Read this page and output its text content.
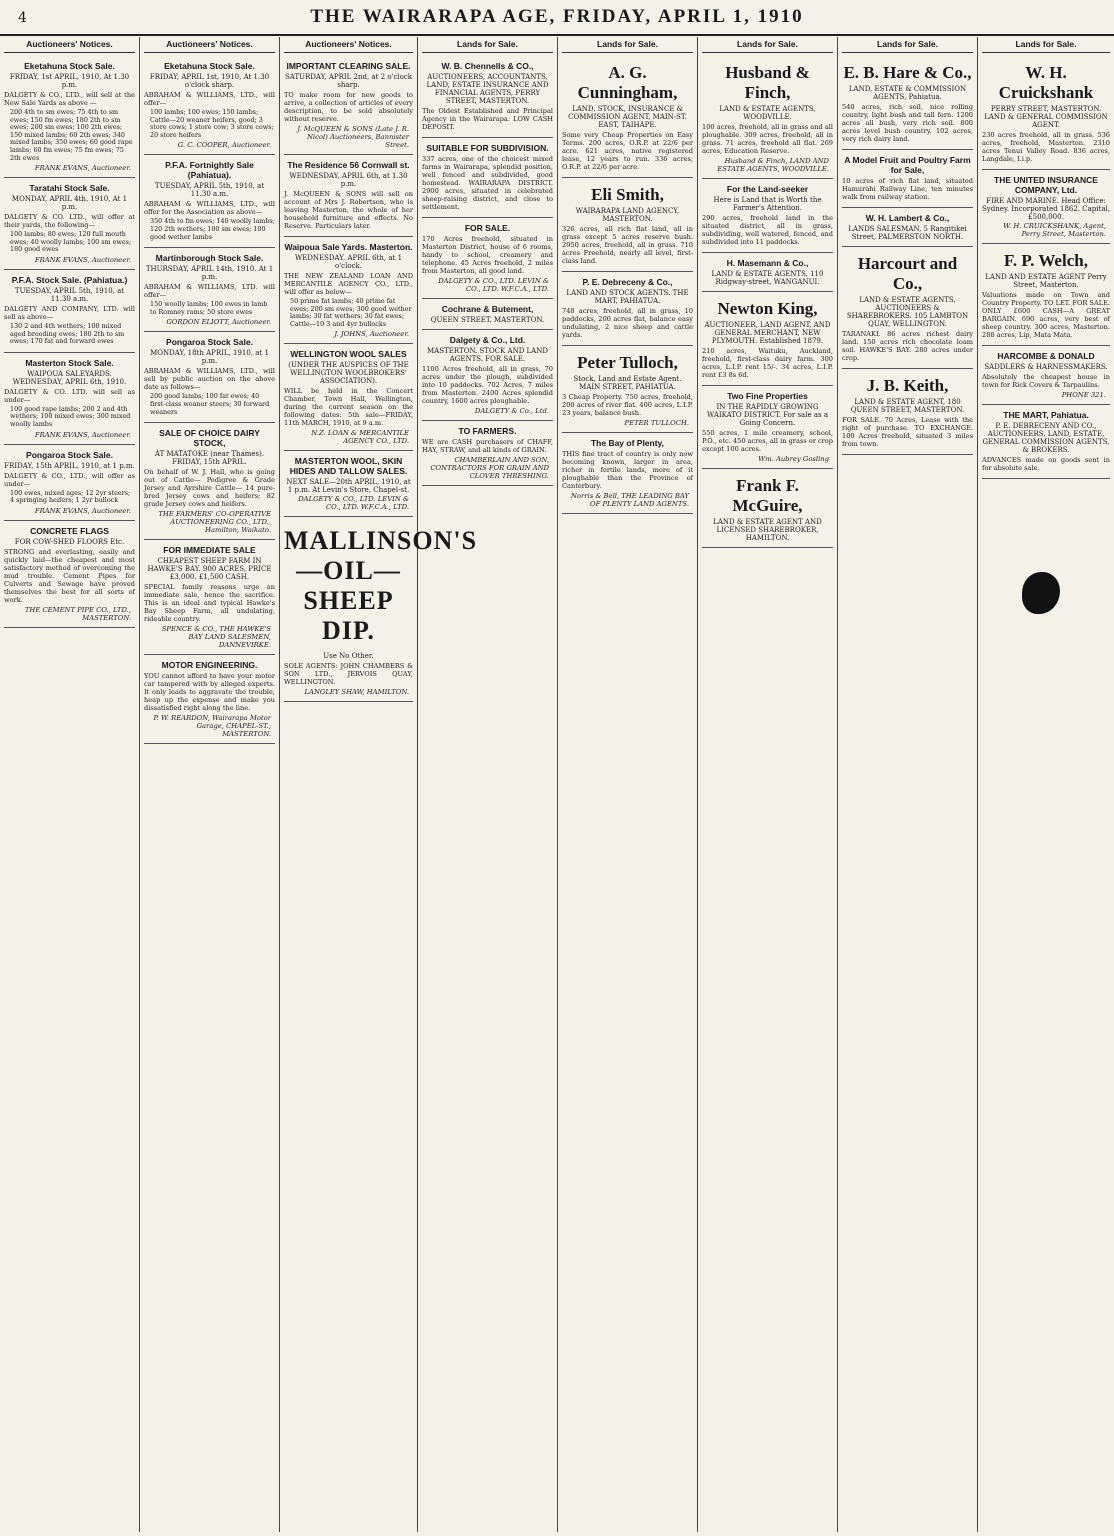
4	THE WAIRARAPA AGE, FRIDAY, APRIL 1, 1910
Auctioneers' Notices.
Eketahuna Stock Sale.
FRIDAY, 1st APRIL, 1910, At 1.30 p.m.
DALGETY & CO., LTD., will sell at the New Sale Yards as above —
200 4th to sm ewes; 75 4th to sm ewes; 150 fm ewes; 180 2th to sm ewes; 200 sm ewes; 100 2th ewes; 150 mixed lambs; 60 2th ewes; 340 mixed lambs; 350 ewes; 60 good rape lambs; 60 fm ewes; 75 fm ewes; 75 2th ewes
FRANK EVANS, Auctioneer.
Taratahi Stock Sale.
MONDAY, APRIL 4th, 1910, At 1 p.m.
DALGETY & CO. LTD., will offer at their yards, the following—
100 lambs; 80 ewes; 120 full mouth ewes; 40 woolly lambs; 100 sm ewes; 180 good ewes
FRANK EVANS, Auctioneer.
P.F.A. Stock Sale. (Pahiatua.)
TUESDAY, APRIL 5th, 1910, at 11.30 a.m.
DALGETY AND COMPANY, LTD. will sell as above—
130 2 and 4th wethers; 100 mixed aged breeding ewes; 180 2th to sm ewes; 170 fat and forward ewes
Masterton Stock Sale.
WAIPOUA SALEYARDS. WEDNESDAY, APRIL 6th, 1910.
DALGETY & CO. LTD. will sell as under—
100 good rape lambs; 200 2 and 4th wethers; 100 mixed ewes; 300 mixed woolly lambs
FRANK EVANS, Auctioneer.
Pongaroa Stock Sale.
FRIDAY, 15th APRIL, 1910, at 1 p.m.
DALGETY & CO., LTD., will offer as under—
100 ewes, mixed ages; 12 2yr steers; 4 springing heifers; 1 2yr bullock
FRANK EVANS, Auctioneer.
CONCRETE FLAGS
FOR COW-SHED FLOORS Etc.
STRONG and everlasting, easily and quickly laid—the cheapest and most satisfactory method of overcoming the mud trouble. Cement Pipes for Culverts and Sewage have proved themselves the best for all sorts of work.
THE CEMENT PIPE CO., LTD., MASTERTON.
Auctioneers' Notices.
Eketahuna Stock Sale.
FRIDAY, APRIL 1st, 1910, At 1.30 o'clock sharp.
ABRAHAM & WILLIAMS, LTD., will offer—
100 lambs; 100 ewes; 150 lambs; Cattle—20 weaner heifers, good; 3 store cows; 1 store cow; 3 store cows; 20 store heifers
G. C. COOPER, Auctioneer.
P.F.A. Fortnightly Sale (Pahiatua).
TUESDAY, APRIL 5th, 1910, at 11.30 a.m.
ABRAHAM & WILLIAMS, LTD., will offer for the Association as above—
350 4th to fm ewes; 140 woolly lambs; 120 2th wethers; 100 sm ewes; 100 good wether lambs
Martinborough Stock Sale.
THURSDAY, APRIL 14th, 1910. At 1 p.m.
ABRAHAM & WILLIAMS, LTD. will offer—
150 woolly lambs; 100 ewes in lamb to Romney rams; 50 store ewes
GORDON ELIOTT, Auctioneer.
Pongaroa Stock Sale.
MONDAY, 18th APRIL, 1910, at 1 p.m.
ABRAHAM & WILLIAMS, LTD., will sell by public auction on the above date as follows—
200 good lambs; 100 fat ewes; 40 first-class weaner steers; 30 forward weaners
SALE OF CHOICE DAIRY STOCK,
AT MATATOKE (near Thames). FRIDAY, 15th APRIL.
On behalf of W. J. Hall, who is going out of Cattle— Pedigree & Grade Jersey and Ayrshire Cattle— 14 pure-bred Jersey cows and heifers; 82 grade Jersey cows and heifers.
THE FARMERS' CO-OPERATIVE AUCTIONEERING CO., LTD., Hamilton, Waikato.
FOR IMMEDIATE SALE
CHEAPEST SHEEP FARM IN HAWKE'S BAY. 900 ACRES, PRICE £3,000, £1,500 CASH.
SPECIAL family reasons urge an immediate sale, hence the sacrifice. This is an ideal and typical Hawke's Bay Sheep Farm, all undulating, rideable country.
SPENCE & CO., THE HAWKE'S BAY LAND SALESMEN, DANNEVIRKE.
MOTOR ENGINEERING.
YOU cannot afford to have your motor car tampered with by alleged experts. It only leads to aggravate the trouble, heap up the expense and make you dissatisfied right along the line.
P. W. REARDON, Wairarapa Motor Garage, CHAPEL-ST., MASTERTON.
Auctioneers' Notices.
IMPORTANT CLEARING SALE.
SATURDAY, APRIL 2nd, at 2 o'clock sharp.
TO make room for new goods to arrive, a collection of articles of every description, to be sold absolutely without reserve.
J. McQUEEN & SONS (Late J. R. Nicol) Auctioneers, Bannister Street.
The Residence 56 Cornwall st.
WEDNESDAY, APRIL 6th, at 1.30 p.m.
J. McQUEEN & SONS will sell on account of Mrs J. Robertson, who is leaving Masterton, the whole of her household furniture and effects. No Reserve. Particulars later.
Waipoua Sale Yards. Masterton.
WEDNESDAY, APRIL 6th, at 1 o'clock.
THE NEW ZEALAND LOAN AND MERCANTILE AGENCY CO., LTD., will offer as below—
50 prime fat lambs; 40 prime fat ewes; 200 sm ewes; 300 good wether lambs; 30 fat wethers; 30 fat ewes; Cattle—10 3 and 4yr bullocks
J. JOHNS, Auctioneer.
WELLINGTON WOOL SALES
(UNDER THE AUSPICES OF THE WELLINGTON WOOLBROKERS' ASSOCIATION).
WILL be held in the Concert Chamber, Town Hall, Wellington, during the current season on the following dates: 5th sale—FRIDAY, 11th MARCH, 1910, at 9 a.m.
N.Z. LOAN & MERCANTILE AGENCY CO., LTD.
MASTERTON WOOL, SKIN HIDES AND TALLOW SALES.
NEXT SALE—20th APRIL, 1910, at 1 p.m. At Levin's Store, Chapel-st.
DALGETY & CO., LTD. LEVIN & CO., LTD. W.F.C.A., LTD.
MALLINSON'S —OIL— SHEEP DIP.
Use No Other.
SOLE AGENTS: JOHN CHAMBERS & SON LTD., JERVOIS QUAY, WELLINGTON.
LANGLEY SHAW, HAMILTON.
Lands for Sale.
W. B. Chennells & CO.,
AUCTIONEERS, ACCOUNTANTS, LAND, ESTATE INSURANCE AND FINANCIAL AGENTS, PERRY STREET, MASTERTON.
The Oldest Established and Principal Agency in the Wairarapa. LOW CASH DEPOSIT.
SUITABLE FOR SUBDIVISION.
337 acres, one of the choicest mixed farms in Wairarapa, splendid position, well fenced and subdivided, good homestead. WAIRARAPA DISTRICT. 2900 acres, situated in celebrated sheep-raising district, and close to settlement.
FOR SALE.
170 Acres freehold, situated in Masterton District, house of 6 rooms, handy to school, creamery and telephone. 45 Acres freehold, 2 miles from Masterton, all good land.
DALGETY & CO., LTD. LEVIN & CO., LTD. W.F.C.A., LTD.
Cochrane & Butement,
QUEEN STREET, MASTERTON.
Dalgety & Co., Ltd.
MASTERTON. STOCK AND LAND AGENTS. FOR SALE.
1100 Acres freehold, all in grass, 70 acres under the plough, subdivided into 10 paddocks. 702 Acres, 7 miles from Masterton. 2400 Acres splendid country, 1600 acres ploughable.
DALGETY & Co., Ltd.
TO FARMERS.
WE are CASH purchasers of CHAFF, HAY, STRAW, and all kinds of GRAIN.
CHAMBERLAIN AND SON, CONTRACTORS FOR GRAIN AND CLOVER THRESHING.
Lands for Sale.
A. G. Cunningham,
LAND, STOCK, INSURANCE & COMMISSION AGENT, MAIN-ST. EAST, TAIHAPE.
Some very Cheap Properties on Easy Terms. 200 acres, O.R.P. at 22/6 per acre. 621 acres, native registered lease, 12 years to run. 336 acres, O.R.P. at 22/6 per acre.
Eli Smith,
WAIRARAPA LAND AGENCY, MASTERTON.
326 acres, all rich flat land, all in grass except 5 acres reserve bush. 2950 acres, freehold, all in grass. 710 acres Freehold, nearly all level, first-class land.
P. E. Debreceny & Co.,
LAND AND STOCK AGENTS. THE MART, PAHIATUA.
748 acres, freehold, all in grass, 10 paddocks, 200 acres flat, balance easy undulating, 2 nice sheep and cattle yards.
Peter Tulloch,
Stock, Land and Estate Agent. MAIN STREET, PAHIATUA.
3 Cheap Property. 750 acres, freehold, 200 acres of river flat. 400 acres, L.I.P. 23 years, balance bush.
PETER TULLOCH.
The Bay of Plenty,
THIS fine tract of country is only now becoming known, larger in area, richer in fertile lands, more of it ploughable than the Province of Canterbury.
Norris & Bell, THE LEADING BAY OF PLENTY LAND AGENTS.
Lands for Sale.
Husband & Finch,
LAND & ESTATE AGENTS, WOODVILLE.
100 acres, freehold, all in grass and all ploughable. 309 acres, freehold, all in grass. 71 acres, freehold all flat. 269 acres, Education Reserve.
Husband & Finch, LAND AND ESTATE AGENTS, WOODVILLE.
For the Land-seeker
Here is Land that is Worth the Farmer's Attention.
290 acres, freehold land in the situated district, all in grass, subdividing, well watered, fenced, and subdivided into 11 paddocks.
H. Masemann & Co.,
LAND & ESTATE AGENTS, 110 Ridgway-street, WANGANUI.
Newton King,
AUCTIONEER, LAND AGENT, AND GENERAL MERCHANT, NEW PLYMOUTH. Established 1879.
210 acres, Waituku, Auckland, freehold, first-class dairy farm. 300 acres, L.I.P. rent 15/-. 34 acres, L.I.P. rent £3 8s 6d.
Two Fine Properties
IN THE RAPIDLY GROWING WAIKATO DISTRICT. For sale as a Going Concern.
550 acres, 1 mile creamery, school, P.O., etc. 450 acres, all in grass or crop except 100 acres.
Wm. Aubrey Gosling
Frank F. McGuire,
LAND & ESTATE AGENT AND LICENSED SHAREBROKER, HAMILTON.
Lands for Sale.
E. B. Hare & Co.,
LAND, ESTATE & COMMISSION AGENTS, Pahiatua.
540 acres, rich soil, nice rolling country, light bush and tall fern. 1200 acres all bush, very rich soil. 800 acres level bush country. 102 acres, very rich dairy land.
A Model Fruit and Poultry Farm for Sale,
10 acres of rich flat land, situated Hamurahi Railway Line, ten minutes walk from railway station.
W. H. Lambert & Co.,
LANDS SALESMAN, 5 Rangitikei Street, PALMERSTON NORTH.
Harcourt and Co.,
LAND & ESTATE AGENTS, AUCTIONEERS & SHAREBROKERS. 105 LAMBTON QUAY, WELLINGTON.
TARANAKI. 86 acres richest dairy land. 150 acres rich chocolate loam soil. HAWKE'S BAY. 280 acres under crop.
J. B. Keith,
LAND & ESTATE AGENT, 180 QUEEN STREET, MASTERTON.
FOR SALE. 70 Acres, Lease with the right of purchase. TO EXCHANGE. 100 Acres freehold, situated 3 miles from town.
Lands for Sale.
W. H. Cruickshank
PERRY STREET, MASTERTON. LAND & GENERAL COMMISSION AGENT.
230 acres freehold, all in grass. 536 acres, freehold, Masterton. 2310 acres Tenui Valley Road. 836 acres, Langdale, I.i.p.
THE UNITED INSURANCE COMPANY, Ltd.
FIRE AND MARINE. Head Office: Sydney. Incorporated 1862. Capital, £500,000.
W. H. CRUICKSHANK, Agent, Perry Street, Masterton.
F. P. Welch,
LAND AND ESTATE AGENT Perry Street, Masterton.
Valuations made on Town and Country Property. TO LET. FOR SALE. ONLY £600 CASH—A GREAT BARGAIN. 690 acres, very best of sheep country. 300 acres, Masterton. 288 acres, Lip, Mata Mata.
HARCOMBE & DONALD
SADDLERS & HARNESSMAKERS.
Absolutely the cheapest house in town for Rick Covers & Tarpaulins.
PHONE 321.
THE MART, Pahiatua.
P. E. DEBRECENY AND CO., AUCTIONEERS, LAND, ESTATE, GENERAL COMMISSION AGENTS, & BROKERS.
ADVANCES made on goods sent in for absolute sale.
